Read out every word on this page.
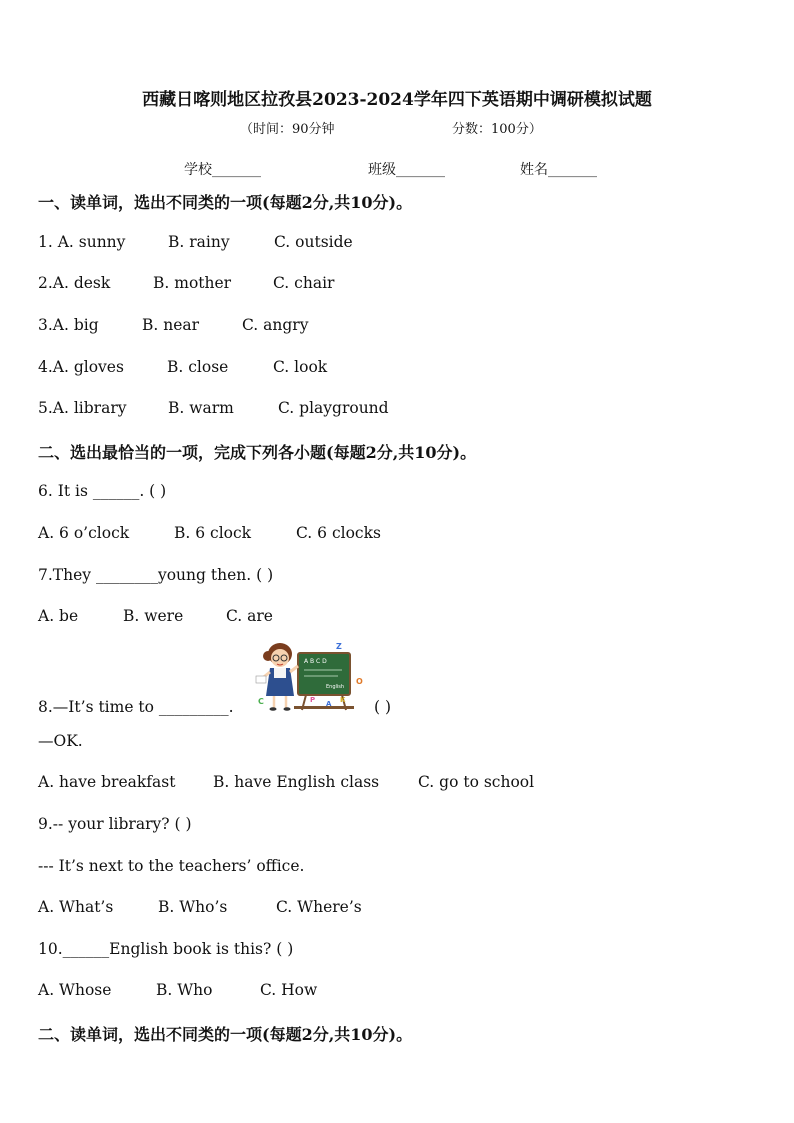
西藏日喀则地区拉孜县2023-2024学年四下英语期中调研模拟试题
（时间：90分钟	分数：100分）
学校_______	班级_______	姓名_______
一、读单词，选出不同类的一项(每题2分,共10分)。
1. A. sunny	B. rainy	C. outside
2.A. desk	B. mother	C. chair
3.A. big	B. near	C. angry
4.A. gloves	B. close	C. look
5.A. library	B. warm	C. playground
二、选出最恰当的一项，完成下列各小题(每题2分,共10分)。
6. It is ______. ( )
A. 6 o’clock	B. 6 clock	C. 6 clocks
7.They ________young then. ( )
A. be	B. were	C. are
A B C D
English
Z
O
P A K
C
8.—It’s time to _________.	( )
—OK.
A. have breakfast B. have English class	C. go to school
9.-- your library? ( )
--- It’s next to the teachers’ office.
A. What’s	B. Who’s	C. Where’s
10.______English book is this? ( )
A. Whose	B. Who	C. How
二、读单词，选出不同类的一项(每题2分,共10分)。
